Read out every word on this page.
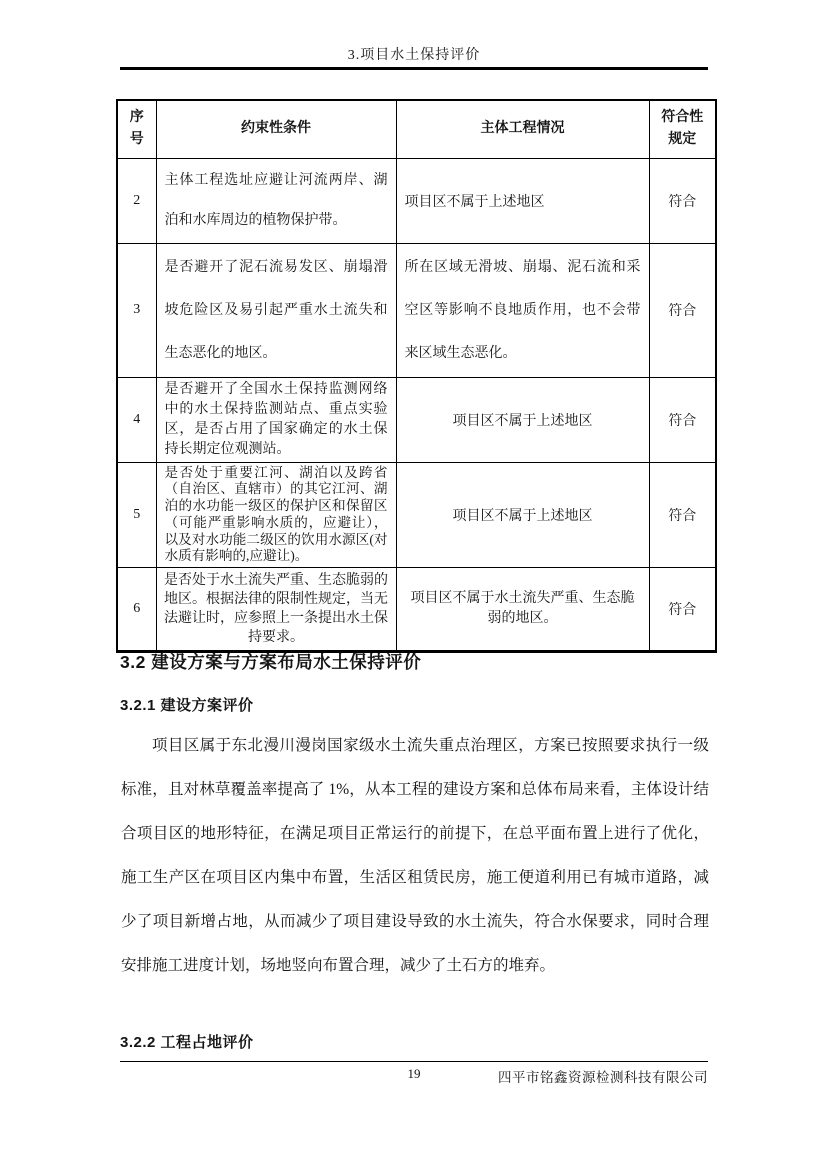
3.项目水土保持评价
序号	约束性条件	主体工程情况	符合性规定
2	主体工程选址应避让河流两岸、湖泊和水库周边的植物保护带。	项目区不属于上述地区	符合
3	是否避开了泥石流易发区、崩塌滑坡危险区及易引起严重水土流失和生态恶化的地区。	所在区域无滑坡、崩塌、泥石流和采空区等影响不良地质作用，也不会带来区域生态恶化。	符合
4	是否避开了全国水土保持监测网络中的水土保持监测站点、重点实验区，是否占用了国家确定的水土保持长期定位观测站。	项目区不属于上述地区	符合
5	是否处于重要江河、湖泊以及跨省（自治区、直辖市）的其它江河、湖泊的水功能一级区的保护区和保留区（可能严重影响水质的，应避让），以及对水功能二级区的饮用水源区(对水质有影响的,应避让)。	项目区不属于上述地区	符合
6	是否处于水土流失严重、生态脆弱的地区。根据法律的限制性规定，当无法避让时，应参照上一条提出水土保持要求。	项目区不属于水土流失严重、生态脆弱的地区。	符合
3.2 建设方案与方案布局水土保持评价
3.2.1 建设方案评价
项目区属于东北漫川漫岗国家级水土流失重点治理区，方案已按照要求执行一级标准，且对林草覆盖率提高了 1%，从本工程的建设方案和总体布局来看，主体设计结合项目区的地形特征，在满足项目正常运行的前提下，在总平面布置上进行了优化，施工生产区在项目区内集中布置，生活区租赁民房，施工便道利用已有城市道路，减少了项目新增占地，从而减少了项目建设导致的水土流失，符合水保要求，同时合理安排施工进度计划，场地竖向布置合理，减少了土石方的堆弃。
3.2.2 工程占地评价
19	四平市铭鑫资源检测科技有限公司
